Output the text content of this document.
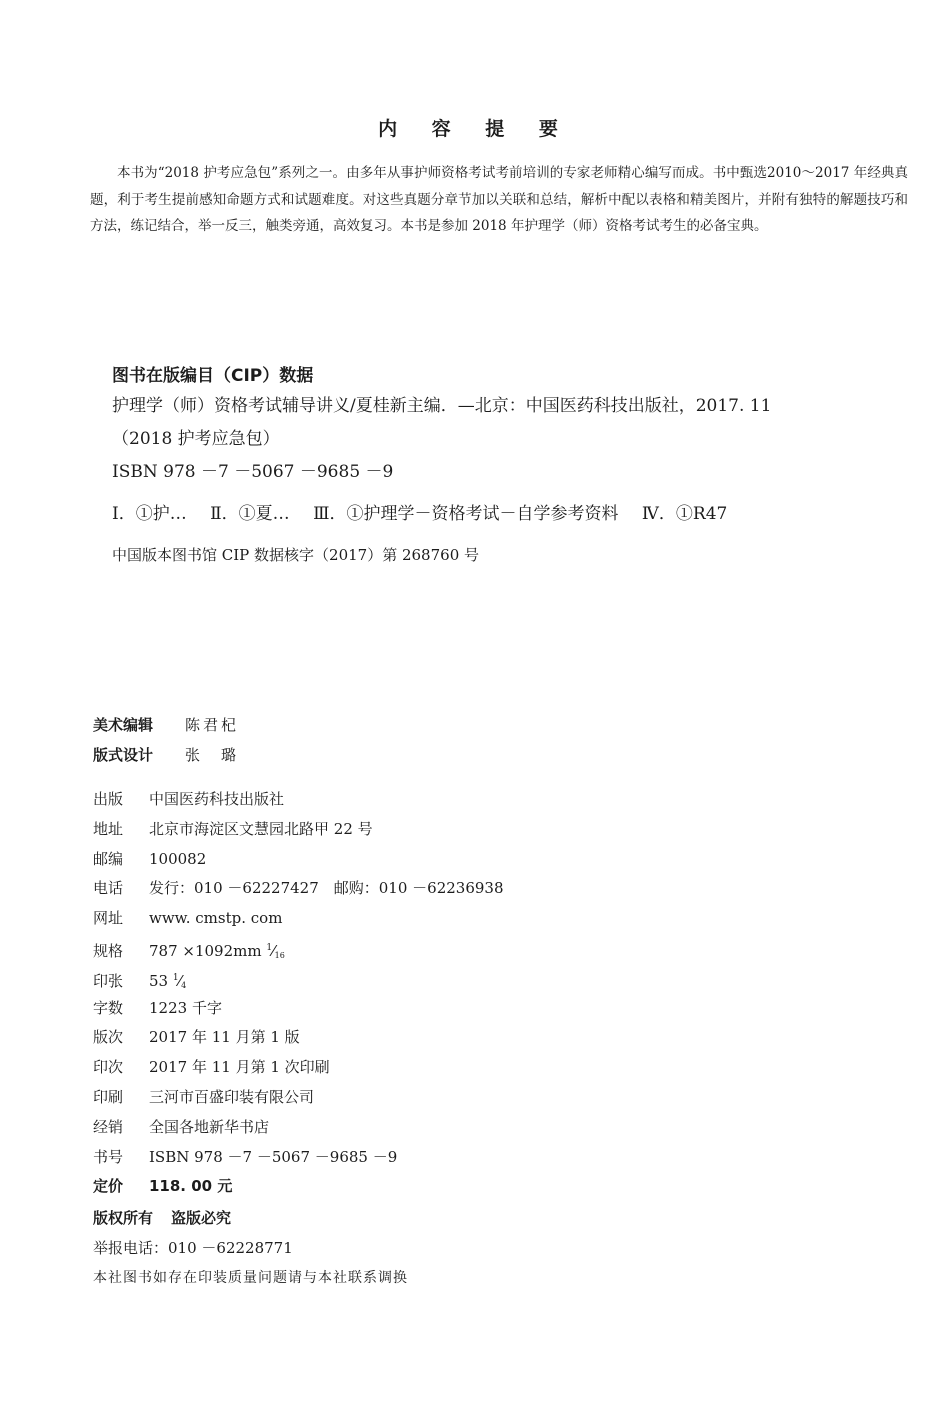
内 容 提 要

本书为“2018 护考应急包”系列之一。由多年从事护师资格考试考前培训的专家老师精心编写而成。书中甄选2010～2017 年经典真题，利于考生提前感知命题方式和试题难度。对这些真题分章节加以关联和总结，解析中配以表格和精美图片，并附有独特的解题技巧和方法，练记结合，举一反三，触类旁通，高效复习。本书是参加 2018 年护理学（师）资格考试考生的必备宝典。

图书在版编目（CIP）数据
护理学（师）资格考试辅导讲义/夏桂新主编．—北京：中国医药科技出版社，2017. 11
（2018 护考应急包）
ISBN 978 －7 －5067 －9685 －9
Ⅰ．①护… Ⅱ．①夏… Ⅲ．①护理学－资格考试－自学参考资料 Ⅳ．①R47
中国版本图书馆 CIP 数据核字（2017）第 268760 号
美术编辑 陈君杞
版式设计 张　璐
出版 中国医药科技出版社
地址 北京市海淀区文慧园北路甲 22 号
邮编 100082
电话 发行：010 －62227427　邮购：010 －62236938
网址 www. cmstp. com
规格 787 ×1092mm $^1⁄_{16}$
印张 53 $^1⁄_4$
字数 1223 千字
版次 2017 年 11 月第 1 版
印次 2017 年 11 月第 1 次印刷
印刷 三河市百盛印装有限公司
经销 全国各地新华书店
书号 ISBN 978 －7 －5067 －9685 －9
定价 118. 00 元
版权所有 盗版必究
举报电话：010 －62228771
本社图书如存在印装质量问题请与本社联系调换
